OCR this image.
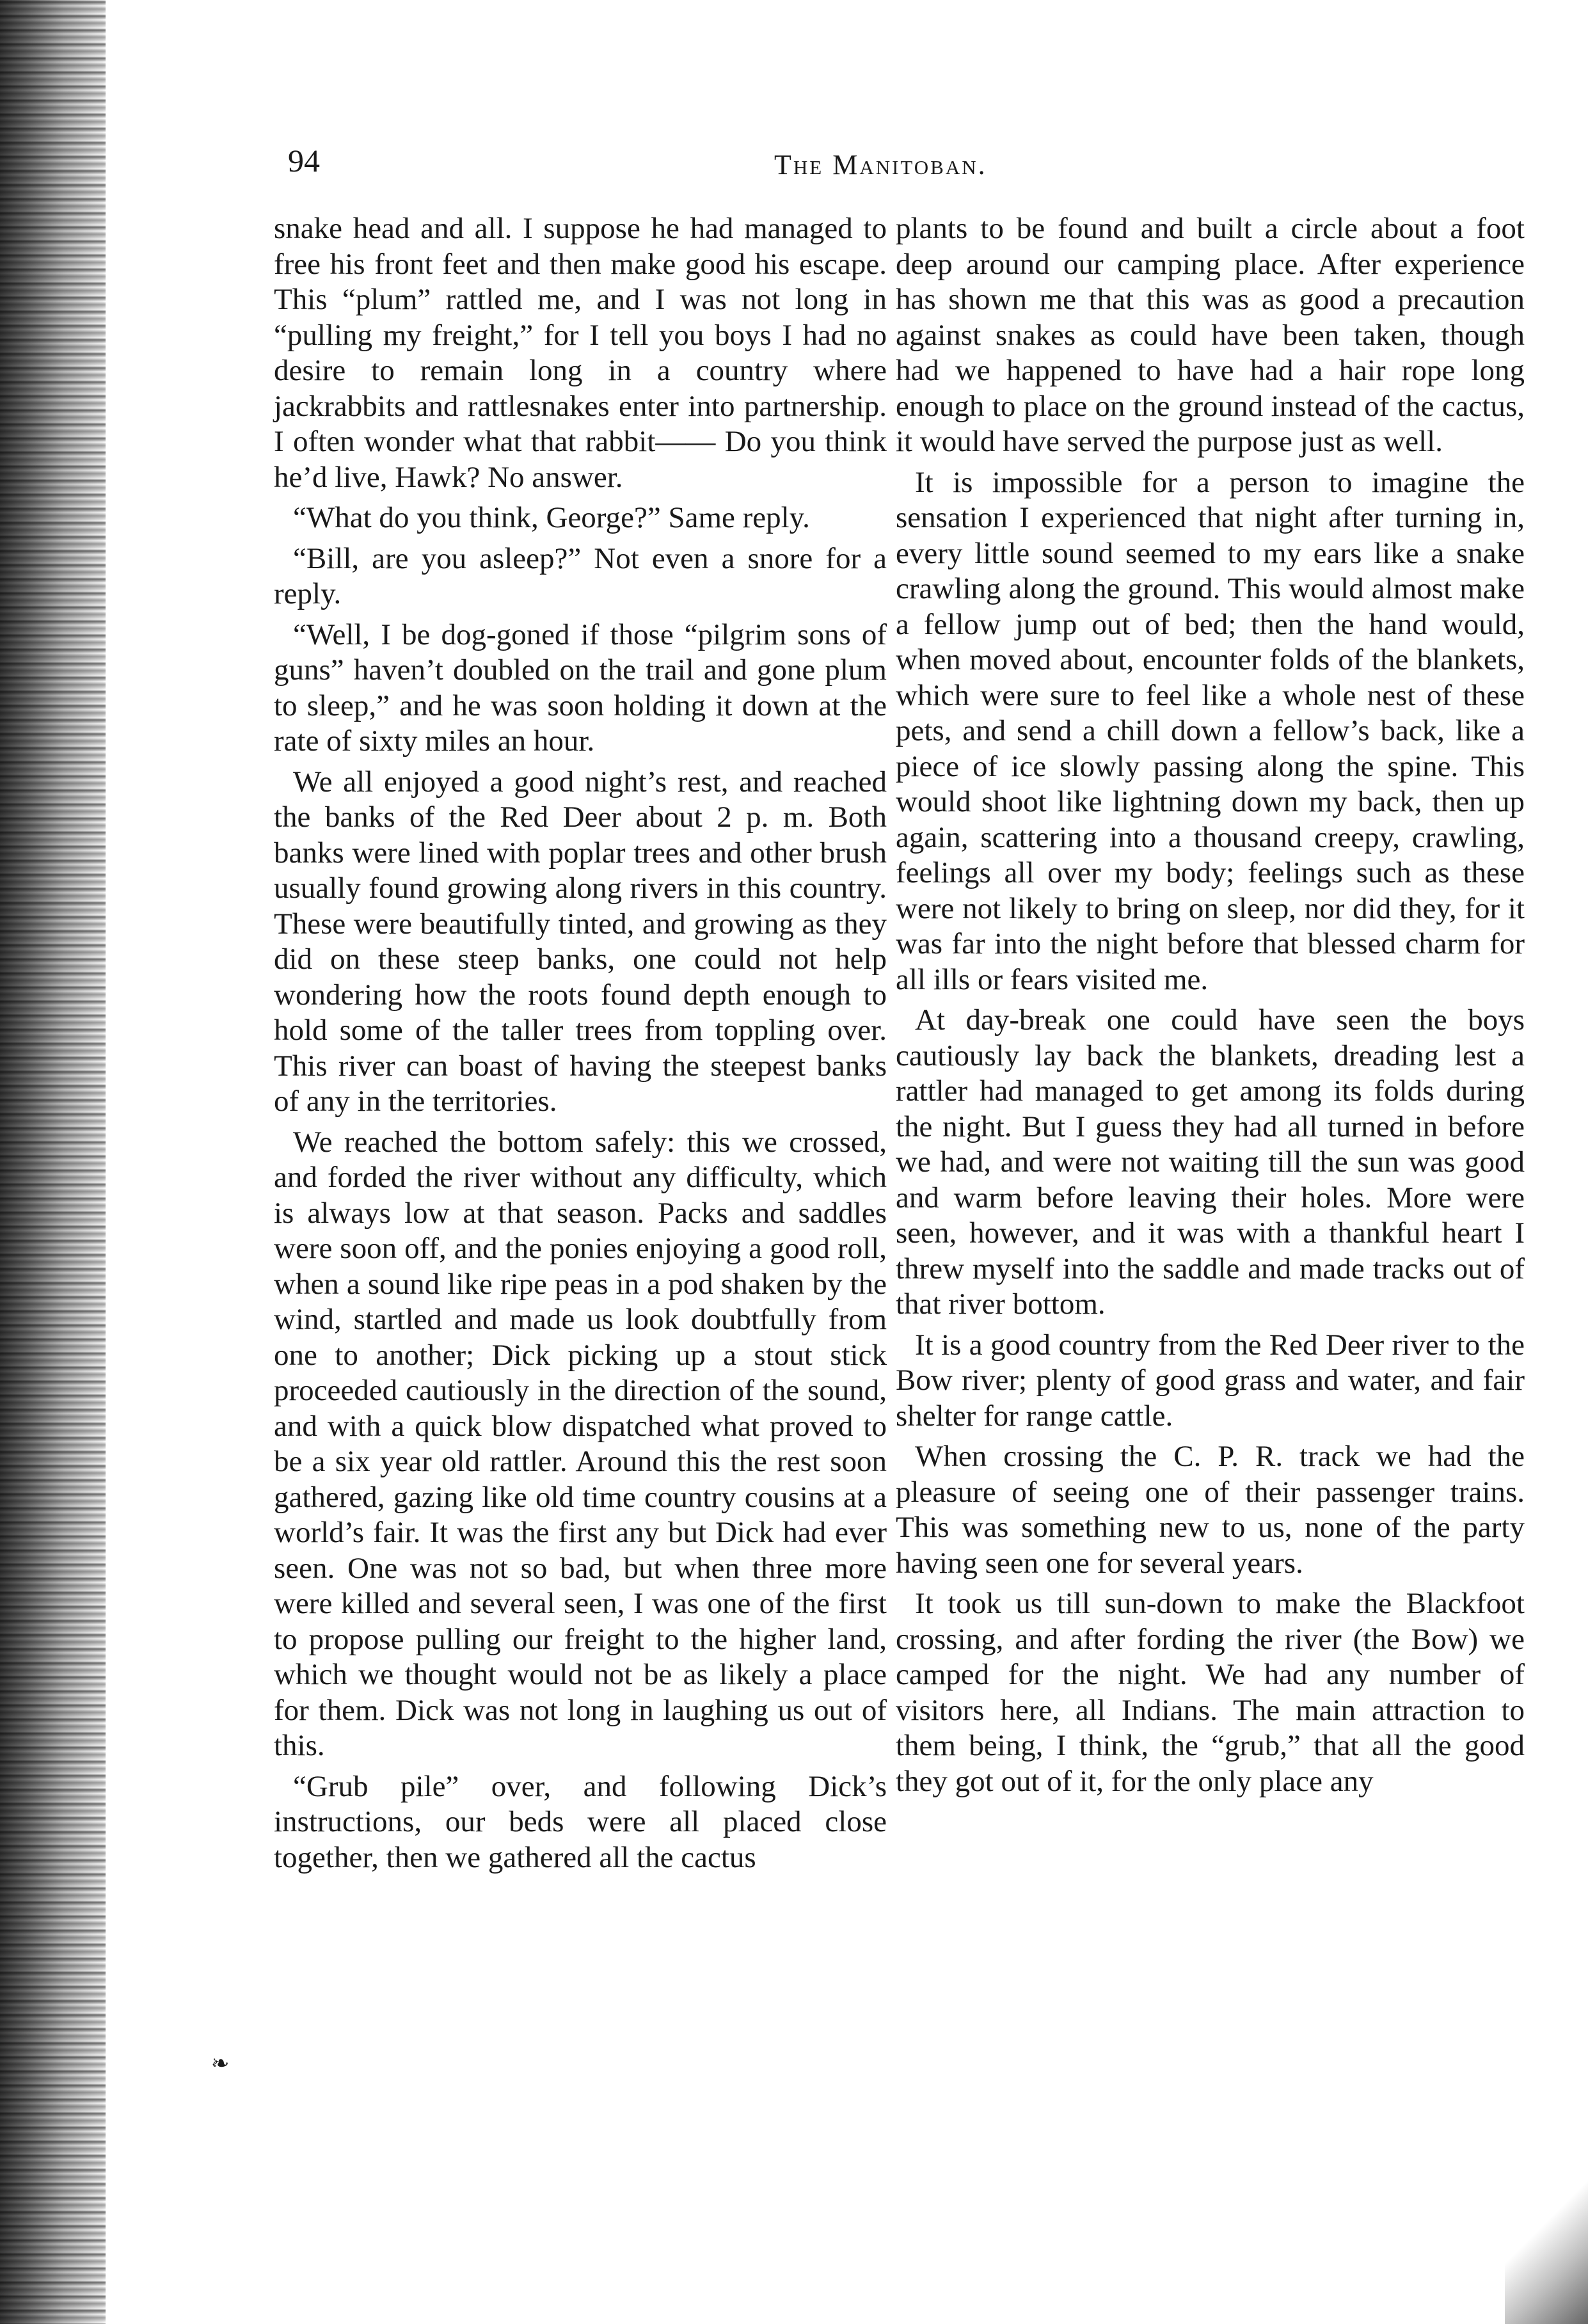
94	The Manitoban.
❧

snake head and all. I suppose he had managed to free his front feet and then make good his escape. This “plum” rattled me, and I was not long in “pulling my freight,” for I tell you boys I had no desire to remain long in a country where jackrabbits and rattlesnakes enter into partnership. I often wonder what that rabbit—— Do you think he’d live, Hawk? No answer.

“What do you think, George?” Same reply.

“Bill, are you asleep?” Not even a snore for a reply.

“Well, I be dog-goned if those “pilgrim sons of guns” haven’t doubled on the trail and gone plum to sleep,” and he was soon holding it down at the rate of sixty miles an hour.

We all enjoyed a good night’s rest, and reached the banks of the Red Deer about 2 p. m. Both banks were lined with poplar trees and other brush usually found growing along rivers in this country. These were beautifully tinted, and growing as they did on these steep banks, one could not help wondering how the roots found depth enough to hold some of the taller trees from toppling over. This river can boast of having the steepest banks of any in the territories.

We reached the bottom safely: this we crossed, and forded the river without any difficulty, which is always low at that season. Packs and saddles were soon off, and the ponies enjoying a good roll, when a sound like ripe peas in a pod shaken by the wind, startled and made us look doubtfully from one to another; Dick picking up a stout stick proceeded cautiously in the direction of the sound, and with a quick blow dispatched what proved to be a six year old rattler. Around this the rest soon gathered, gazing like old time country cousins at a world’s fair. It was the first any but Dick had ever seen. One was not so bad, but when three more were killed and several seen, I was one of the first to propose pulling our freight to the higher land, which we thought would not be as likely a place for them. Dick was not long in laughing us out of this.

“Grub pile” over, and following Dick’s instructions, our beds were all placed close together, then we gathered all the cactus

plants to be found and built a circle about a foot deep around our camping place. After experience has shown me that this was as good a precaution against snakes as could have been taken, though had we happened to have had a hair rope long enough to place on the ground instead of the cactus, it would have served the purpose just as well.

It is impossible for a person to imagine the sensation I experienced that night after turning in, every little sound seemed to my ears like a snake crawling along the ground. This would almost make a fellow jump out of bed; then the hand would, when moved about, encounter folds of the blankets, which were sure to feel like a whole nest of these pets, and send a chill down a fellow’s back, like a piece of ice slowly passing along the spine. This would shoot like lightning down my back, then up again, scattering into a thousand creepy, crawling, feelings all over my body; feelings such as these were not likely to bring on sleep, nor did they, for it was far into the night before that blessed charm for all ills or fears visited me.

At day-break one could have seen the boys cautiously lay back the blankets, dreading lest a rattler had managed to get among its folds during the night. But I guess they had all turned in before we had, and were not waiting till the sun was good and warm before leaving their holes. More were seen, however, and it was with a thankful heart I threw myself into the saddle and made tracks out of that river bottom.

It is a good country from the Red Deer river to the Bow river; plenty of good grass and water, and fair shelter for range cattle.

When crossing the C. P. R. track we had the pleasure of seeing one of their passenger trains. This was something new to us, none of the party having seen one for several years.

It took us till sun-down to make the Blackfoot crossing, and after fording the river (the Bow) we camped for the night. We had any number of visitors here, all Indians. The main attraction to them being, I think, the “grub,” that all the good they got out of it, for the only place any
